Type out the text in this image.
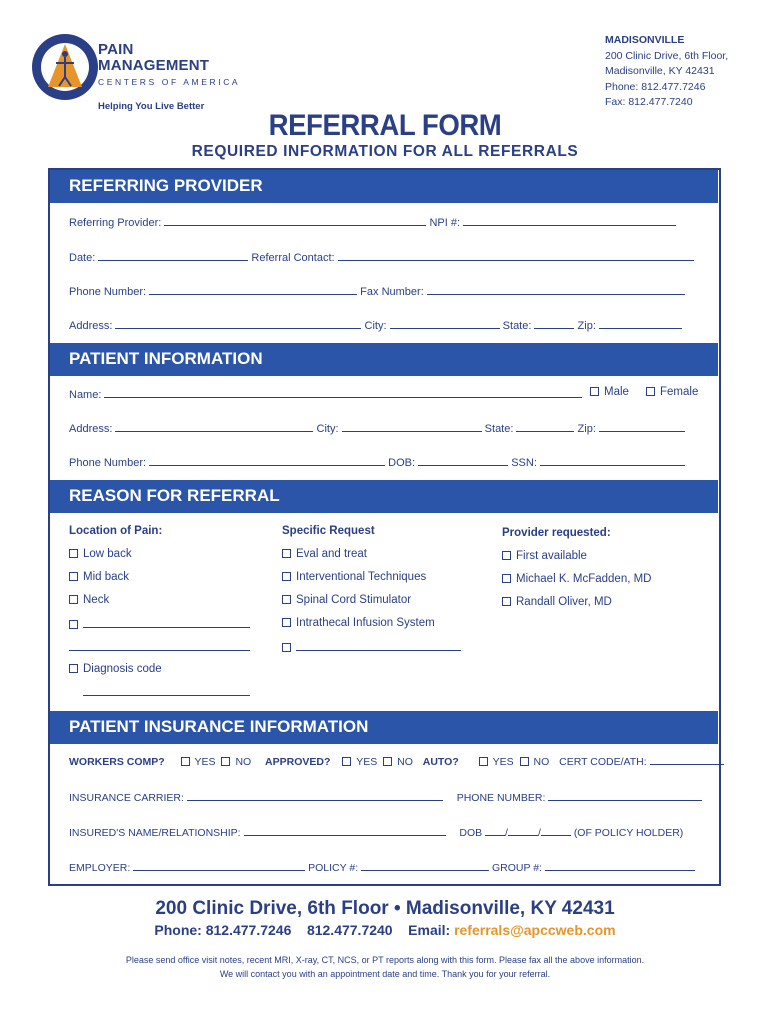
PAIN
MANAGEMENT
CENTERS OF AMERICA
Helping You Live Better
MADISONVILLE
200 Clinic Drive, 6th Floor,
Madisonville, KY 42431
Phone: 812.477.7246
Fax: 812.477.7240
REFERRAL FORM
REQUIRED INFORMATION FOR ALL REFERRALS
REFERRING PROVIDER
Referring Provider:	NPI #:
Date:	Referral Contact:
Phone Number:	Fax Number:
Address:	City:	State:	Zip:
PATIENT INFORMATION
Name:	Male	Female
Address:	City:	State:	Zip:
Phone Number:	DOB:	SSN:
REASON FOR REFERRAL
Location of Pain:
Low back
Mid back
Neck
Diagnosis code
Specific Request
Eval and treat
Interventional Techniques
Spinal Cord Stimulator
Intrathecal Infusion System
Provider requested:
First available
Michael K. McFadden, MD
Randall Oliver, MD
PATIENT INSURANCE INFORMATION
WORKERS COMP?	YES NO APPROVED? YES NO AUTO?	YES NO CERT CODE/ATH:
INSURANCE CARRIER:	PHONE NUMBER:
INSURED'S NAME/RELATIONSHIP:	DOB /	/	(OF POLICY HOLDER)
EMPLOYER:	POLICY #:	GROUP #:
200 Clinic Drive, 6th Floor • Madisonville, KY 42431
Phone: 812.477.7246 812.477.7240 Email: referrals@apccweb.com
Please send office visit notes, recent MRI, X-ray, CT, NCS, or PT reports along with this form. Please fax all the above information.
We will contact you with an appointment date and time. Thank you for your referral.
